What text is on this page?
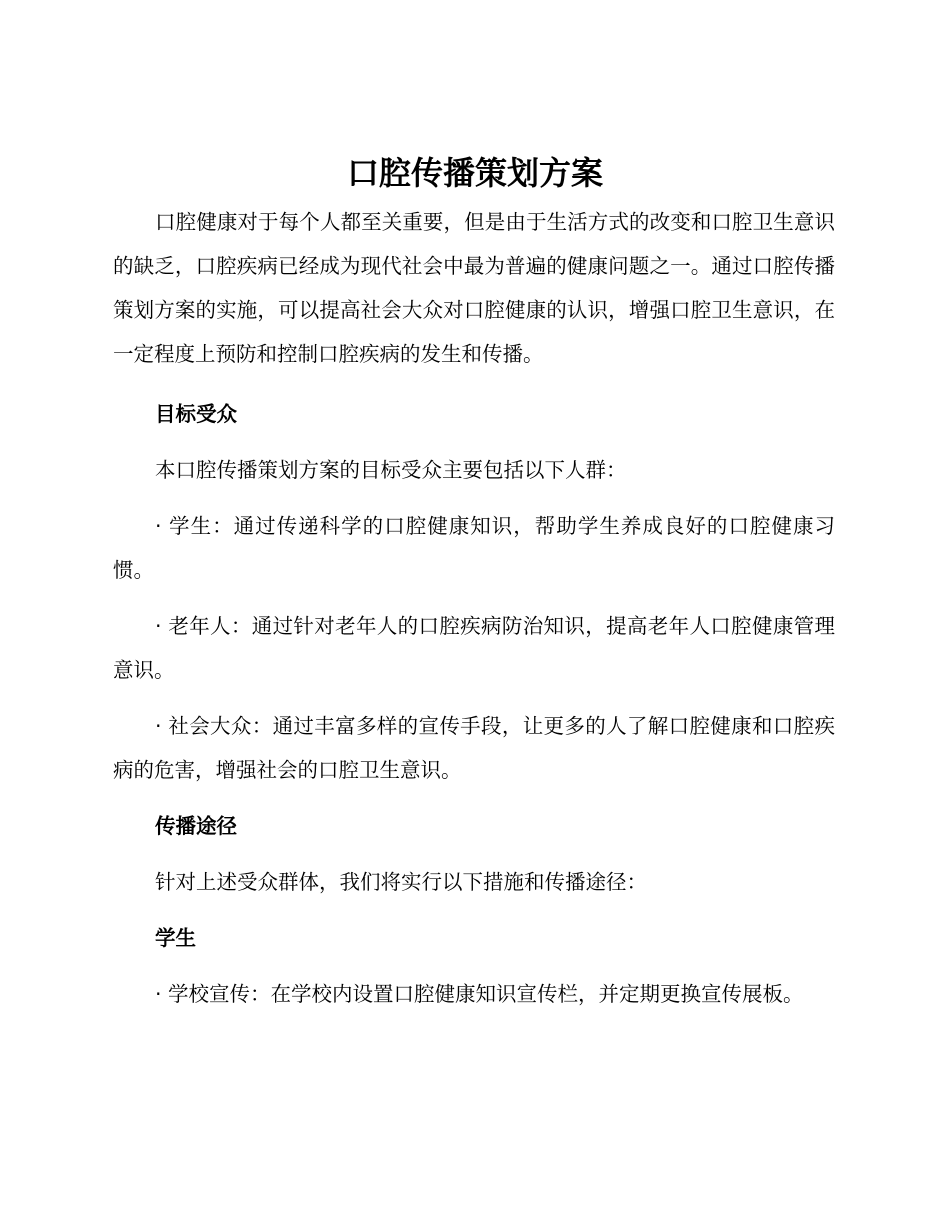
口腔传播策划方案

口腔健康对于每个人都至关重要，但是由于生活方式的改变和口腔卫生意识的缺乏，口腔疾病已经成为现代社会中最为普遍的健康问题之一。通过口腔传播策划方案的实施，可以提高社会大众对口腔健康的认识，增强口腔卫生意识，在一定程度上预防和控制口腔疾病的发生和传播。

目标受众

本口腔传播策划方案的目标受众主要包括以下人群：

· 学生：通过传递科学的口腔健康知识，帮助学生养成良好的口腔健康习惯。

· 老年人：通过针对老年人的口腔疾病防治知识，提高老年人口腔健康管理意识。

· 社会大众：通过丰富多样的宣传手段，让更多的人了解口腔健康和口腔疾病的危害，增强社会的口腔卫生意识。

传播途径

针对上述受众群体，我们将实行以下措施和传播途径：

学生

· 学校宣传：在学校内设置口腔健康知识宣传栏，并定期更换宣传展板。
